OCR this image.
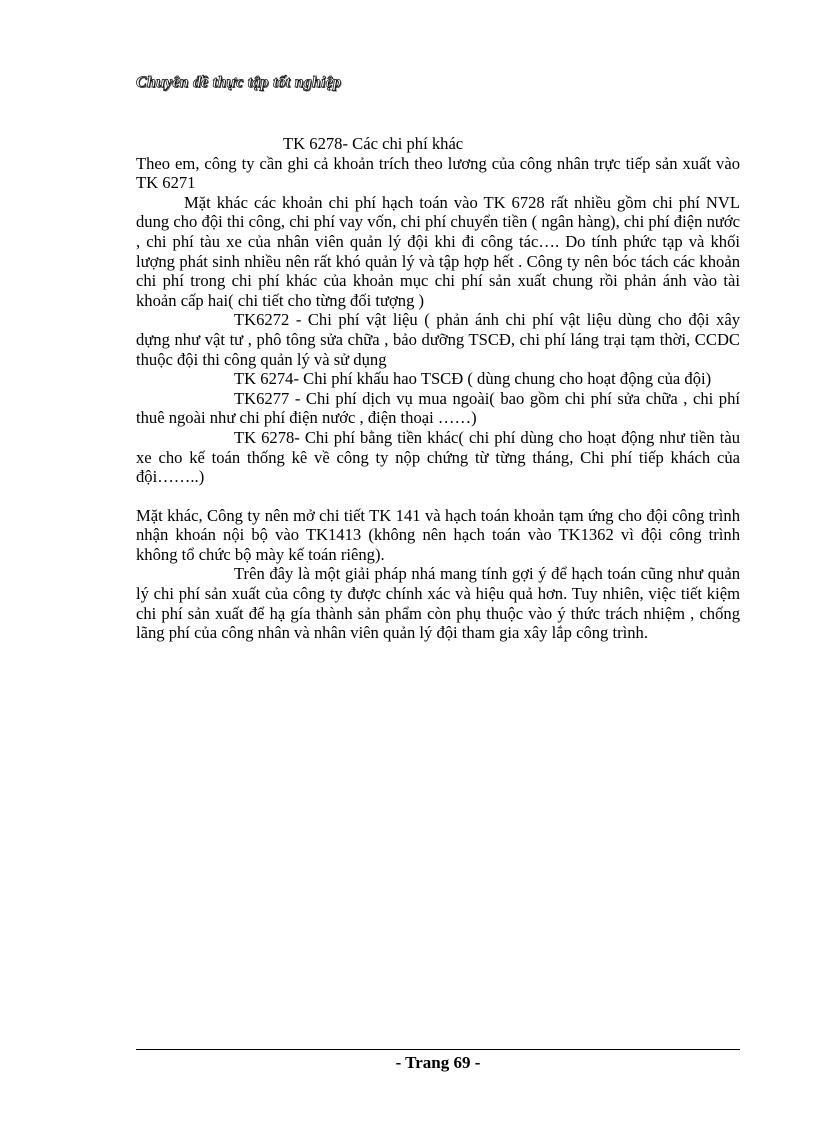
Chuyên đề thực tập tốt nghiệp

TK 6278- Các chi phí khác

Theo em, công ty cần ghi cả khoản trích theo lương của công nhân trực tiếp sản xuất vào TK 6271

Mặt khác các khoản chi phí hạch toán vào TK 6728 rất nhiều gồm chi phí NVL dung cho đội thi công, chi phí vay vốn, chi phí chuyển tiền ( ngân hàng), chi phí điện nước , chi phí tàu xe của nhân viên quản lý đội khi đi công tác…. Do tính phức tạp và khối lượng phát sinh nhiều nên rất khó quản lý và tập hợp hết . Công ty nên bóc tách các khoản chi phí trong chi phí khác của khoản mục chi phí sản xuất chung rồi phản ánh vào tài khoản cấp hai( chi tiết cho từng đối tượng )

TK6272 - Chi phí vật liệu ( phản ánh chi phí vật liệu dùng cho đội xây dựng như vật tư , phô tông sửa chữa , bảo dưỡng TSCĐ, chi phí láng trại tạm thời, CCDC thuộc đội thi công quản lý và sử dụng

TK 6274- Chi phí khấu hao TSCĐ ( dùng chung cho hoạt động của đội)

TK6277 - Chi phí dịch vụ mua ngoài( bao gồm chi phí sửa chữa , chi phí thuê ngoài như chi phí điện nước , điện thoại ……)

TK 6278- Chi phí bằng tiền khác( chi phí dùng cho hoạt động như tiền tàu xe cho kế toán thống kê về công ty nộp chứng từ từng tháng, Chi phí tiếp khách của đội……..)

Mặt khác, Công ty nên mở chi tiết TK 141 và hạch toán khoản tạm ứng cho đội công trình nhận khoán nội bộ vào TK1413 (không nên hạch toán vào TK1362 vì đội công trình không tổ chức bộ mày kế toán riêng).

Trên đây là một giải pháp nhá mang tính gợi ý để hạch toán cũng như quản lý chi phí sản xuất của công ty được chính xác và hiệu quả hơn. Tuy nhiên, việc tiết kiệm chi phí sản xuất để hạ gía thành sản phẩm còn phụ thuộc vào ý thức trách nhiệm , chống lãng phí của công nhân và nhân viên quản lý đội tham gia xây lắp công trình.

- Trang 69 -
